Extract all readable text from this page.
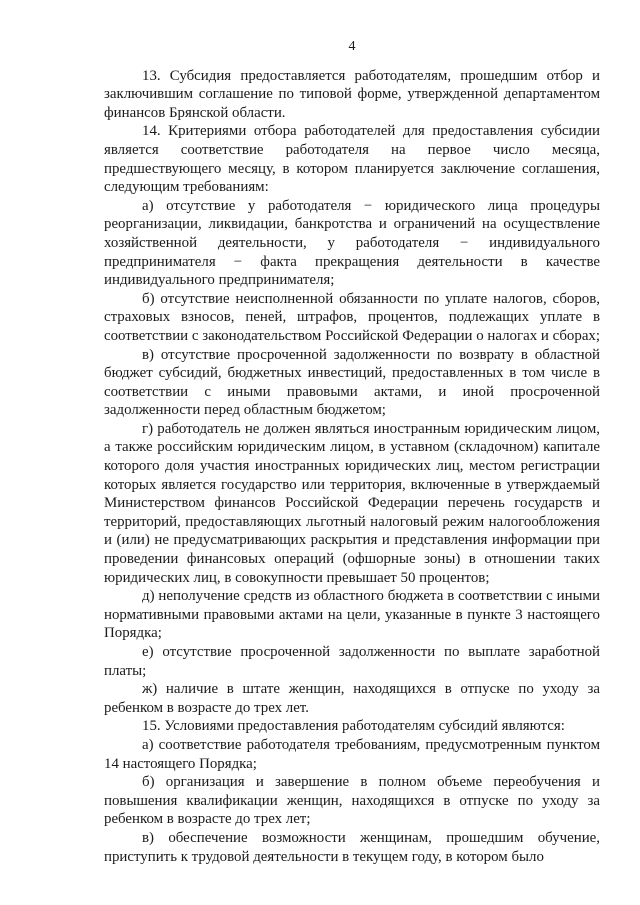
4

13. Субсидия предоставляется работодателям, прошедшим отбор и заключившим соглашение по типовой форме, утвержденной департаментом финансов Брянской области.

14. Критериями отбора работодателей для предоставления субсидии является соответствие работодателя на первое число месяца, предшествующего месяцу, в котором планируется заключение соглашения, следующим требованиям:

а) отсутствие у работодателя − юридического лица процедуры реорганизации, ликвидации, банкротства и ограничений на осуществление хозяйственной деятельности, у работодателя − индивидуального предпринимателя − факта прекращения деятельности в качестве индивидуального предпринимателя;

б) отсутствие неисполненной обязанности по уплате налогов, сборов, страховых взносов, пеней, штрафов, процентов, подлежащих уплате в соответствии с законодательством Российской Федерации о налогах и сборах;

в) отсутствие просроченной задолженности по возврату в областной бюджет субсидий, бюджетных инвестиций, предоставленных в том числе в соответствии с иными правовыми актами, и иной просроченной задолженности перед областным бюджетом;

г) работодатель не должен являться иностранным юридическим лицом, а также российским юридическим лицом, в уставном (складочном) капитале которого доля участия иностранных юридических лиц, местом регистрации которых является государство или территория, включенные в утверждаемый Министерством финансов Российской Федерации перечень государств и территорий, предоставляющих льготный налоговый режим налогообложения и (или) не предусматривающих раскрытия и представления информации при проведении финансовых операций (офшорные зоны) в отношении таких юридических лиц, в совокупности превышает 50 процентов;

д) неполучение средств из областного бюджета в соответствии с иными нормативными правовыми актами на цели, указанные в пункте 3 настоящего Порядка;

е) отсутствие просроченной задолженности по выплате заработной платы;

ж) наличие в штате женщин, находящихся в отпуске по уходу за ребенком в возрасте до трех лет.

15. Условиями предоставления работодателям субсидий являются:

а) соответствие работодателя требованиям, предусмотренным пунктом 14 настоящего Порядка;

б) организация и завершение в полном объеме переобучения и повышения квалификации женщин, находящихся в отпуске по уходу за ребенком в возрасте до трех лет;

в) обеспечение возможности женщинам, прошедшим обучение, приступить к трудовой деятельности в текущем году, в котором было
